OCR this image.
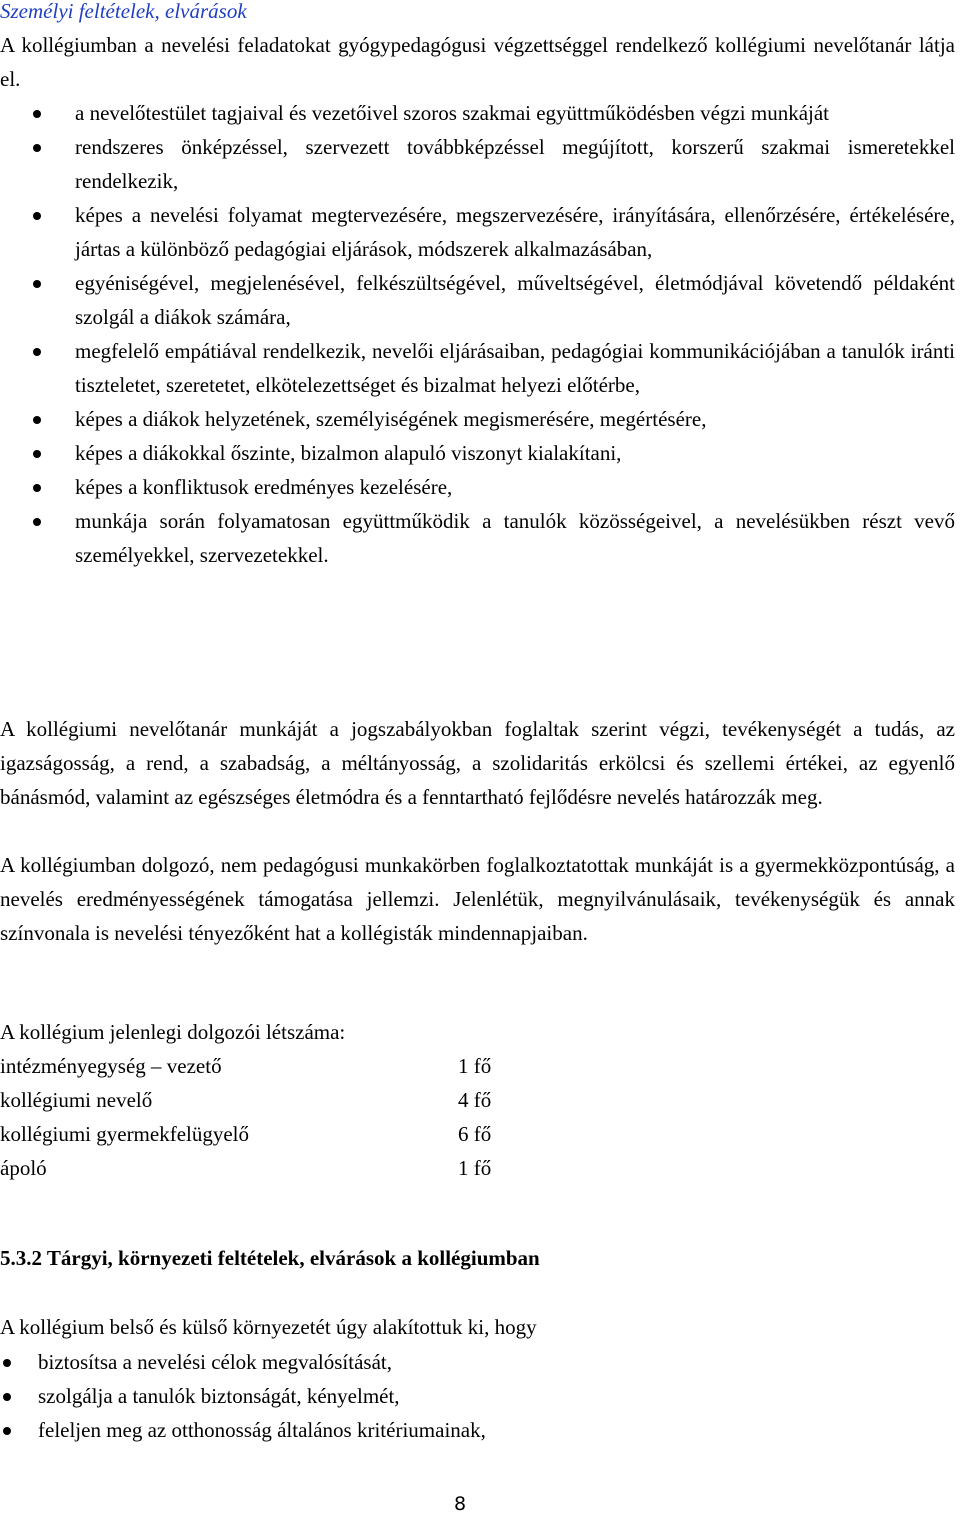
Személyi feltételek, elvárások
A kollégiumban a nevelési feladatokat gyógypedagógusi végzettséggel rendelkező kollégiumi nevelőtanár látja el.
a nevelőtestület tagjaival és vezetőivel szoros szakmai együttműködésben végzi munkáját
rendszeres önképzéssel, szervezett továbbképzéssel megújított, korszerű szakmai ismeretekkel rendelkezik,
képes a nevelési folyamat megtervezésére, megszervezésére, irányítására, ellenőrzésére, értékelésére, jártas a különböző pedagógiai eljárások, módszerek alkalmazásában,
egyéniségével, megjelenésével, felkészültségével, műveltségével, életmódjával követendő példaként szolgál a diákok számára,
megfelelő empátiával rendelkezik, nevelői eljárásaiban, pedagógiai kommunikációjában a tanulók iránti tiszteletet, szeretetet, elkötelezettséget és bizalmat helyezi előtérbe,
képes a diákok helyzetének, személyiségének megismerésére, megértésére,
képes a diákokkal őszinte, bizalmon alapuló viszonyt kialakítani,
képes a konfliktusok eredményes kezelésére,
munkája során folyamatosan együttműködik a tanulók közösségeivel, a nevelésükben részt vevő személyekkel, szervezetekkel.
A kollégiumi nevelőtanár munkáját a jogszabályokban foglaltak szerint végzi, tevékenységét a tudás, az igazságosság, a rend, a szabadság, a méltányosság, a szolidaritás erkölcsi és szellemi értékei, az egyenlő bánásmód, valamint az egészséges életmódra és a fenntartható fejlődésre nevelés határozzák meg.
A kollégiumban dolgozó, nem pedagógusi munkakörben foglalkoztatottak munkáját is a gyermekközpontúság, a nevelés eredményességének támogatása jellemzi. Jelenlétük, megnyilvánulásaik, tevékenységük és annak színvonala is nevelési tényezőként hat a kollégisták mindennapjaiban.
A kollégium jelenlegi dolgozói létszáma:
intézményegység – vezető	1 fő
kollégiumi nevelő	4 fő
kollégiumi gyermekfelügyelő	6 fő
ápoló	1 fő
5.3.2 Tárgyi, környezeti feltételek, elvárások a kollégiumban
A kollégium belső és külső környezetét úgy alakítottuk ki, hogy
biztosítsa a nevelési célok megvalósítását,
szolgálja a tanulók biztonságát, kényelmét,
feleljen meg az otthonosság általános kritériumainak,
8
